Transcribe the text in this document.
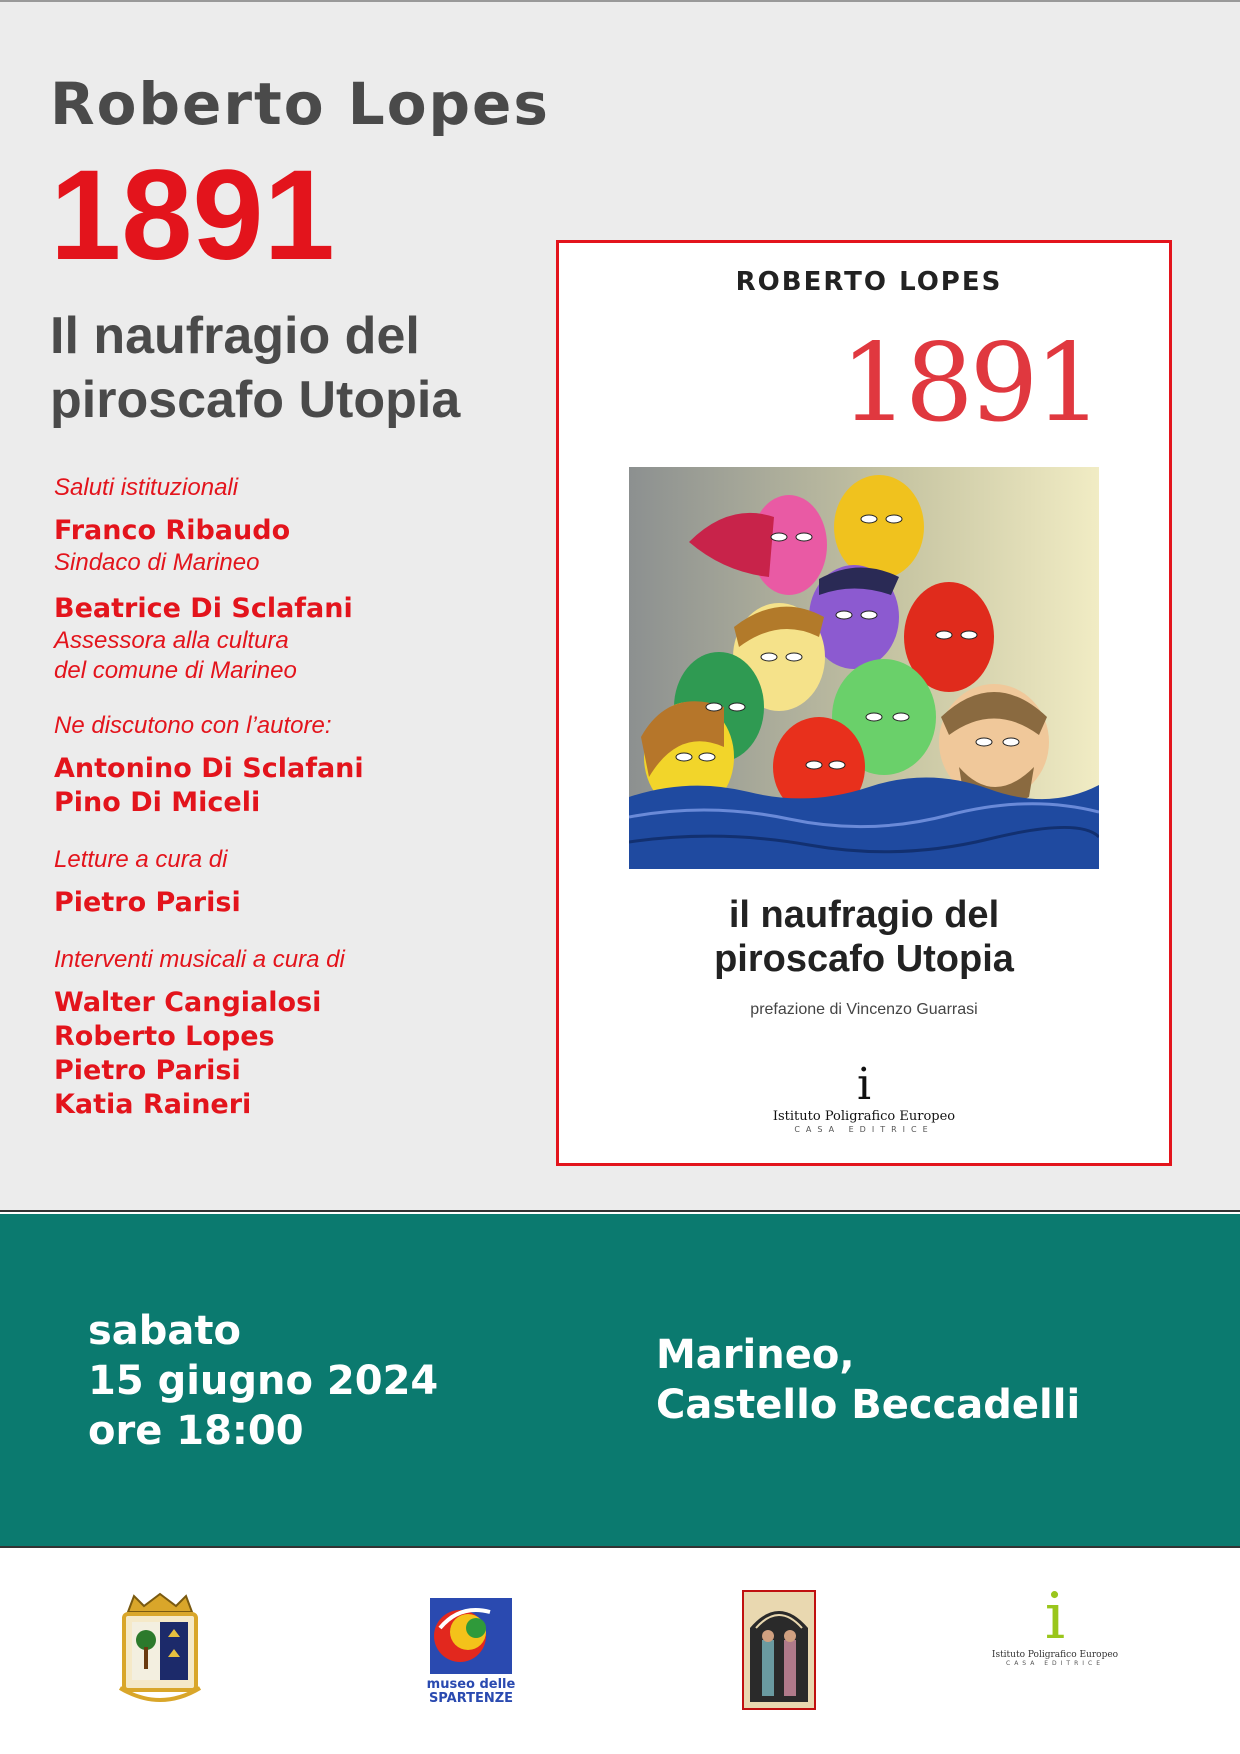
Roberto Lopes
1891
Il naufragio del
piroscafo Utopia
Saluti istituzionali
Franco Ribaudo
Sindaco di Marineo
Beatrice Di Sclafani
Assessora alla cultura
del comune di Marineo
Ne discutono con l’autore:
Antonino Di Sclafani
Pino Di Miceli
Letture a cura di
Pietro Parisi
Interventi musicali a cura di
Walter Cangialosi
Roberto Lopes
Pietro Parisi
Katia Raineri
ROBERTO LOPES
1891
il naufragio del
piroscafo Utopia
prefazione di Vincenzo Guarrasi
i
Istituto Poligrafico Europeo
CASA EDITRICE
sabato
15 giugno 2024
ore 18:00
Marineo,
Castello Beccadelli
museo delle
SPARTENZE
i
Istituto Poligrafico Europeo
CASA EDITRICE
